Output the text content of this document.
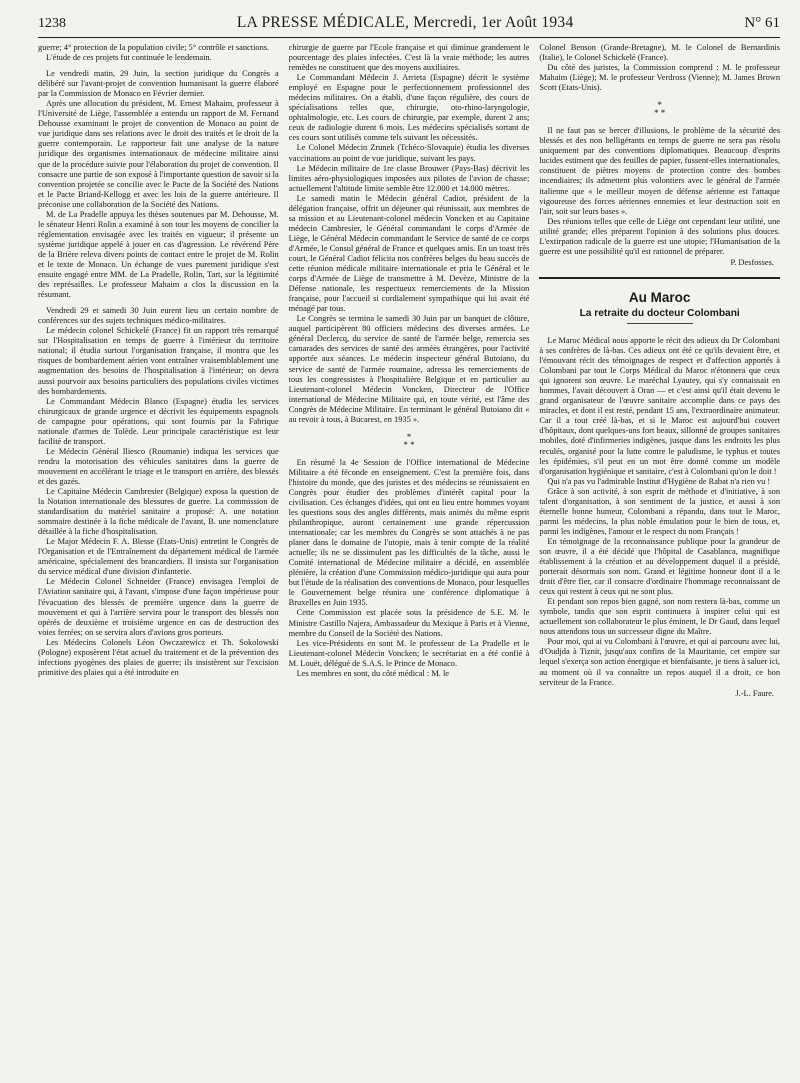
1238	LA PRESSE MÉDICALE, Mercredi, 1er Août 1934	N° 61

guerre; 4° protection de la population civile; 5° contrôle et sanctions.

L'étude de ces projets fut continuée le lendemain.

Le vendredi matin, 29 Juin, la section juridique du Congrès a délibéré sur l'avant-projet de convention humanisant la guerre élaboré par la Commission de Monaco en Février dernier.

Après une allocution du président, M. Ernest Mahaim, professeur à l'Université de Liège, l'assemblée a entendu un rapport de M. Fernand Dehousse examinant le projet de convention de Monaco au point de vue juridique dans ses relations avec le droit des traités et le droit de la guerre contemporain. Le rapporteur fait une analyse de la nature juridique des organismes internationaux de médecine militaire ainsi que de la procédure suivie pour l'élaboration du projet de convention. Il consacre une partie de son exposé à l'importante question de savoir si la convention projetée se concilie avec le Pacte de la Société des Nations et le Pacte Briand-Kellogg et avec les lois de la guerre antérieure. Il préconise une collaboration de la Société des Nations.

M. de La Pradelle appuya les thèses soutenues par M. Dehousse, M. le sénateur Henri Rolin a examiné à son tour les moyens de concilier la réglementation envisagée avec les traités en vigueur; il présente un système juridique appelé à jouer en cas d'agression. Le révérend Père de la Brière releva divers points de contact entre le projet de M. Rolin et le texte de Monaco. Un échange de vues purement juridique s'est ensuite engagé entre MM. de La Pradelle, Rolin, Tart, sur la légitimité des représailles. Le professeur Mahaim a clos la discussion en la résumant.

Vendredi 29 et samedi 30 Juin eurent lieu un certain nombre de conférences sur des sujets techniques médico-militaires.

Le médecin colonel Schickelé (France) fit un rapport très remarqué sur l'Hospitalisation en temps de guerre à l'intérieur du territoire national; il étudia surtout l'organisation française, il montra que les risques de bombardement aérien vont entraîner vraisemblablement une augmentation des besoins de l'hospitalisation à l'intérieur; on devra aussi pourvoir aux besoins particuliers des populations civiles victimes des bombardements.

Le Commandant Médecin Blanco (Espagne) étudia les services chirurgicaux de grande urgence et décrivit les équipements espagnols de campagne pour opérations, qui sont fournis par la Fabrique nationale d'armes de Tolède. Leur principale caractéristique est leur facilité de transport.

Le Médecin Général Iliesco (Roumanie) indiqua les services que rendra la motorisation des véhicules sanitaires dans la guerre de mouvement en accélérant le triage et le transport en arrière, des blessés et des gazés.

Le Capitaine Médecin Cambresier (Belgique) exposa la question de la Notation internationale des blessures de guerre. La commission de standardisation du matériel sanitaire a proposé: A. une notation sommaire destinée à la fiche médicale de l'avant, B. une nomenclature détaillée à la fiche d'hospitalisation.

Le Major Médecin F. A. Blesse (Etats-Unis) entretint le Congrès de l'Organisation et de l'Entraînement du département médical de l'armée américaine, spécialement des brancardiers. Il insista sur l'organisation du service médical d'une division d'infanterie.

Le Médecin Colonel Schneider (France) envisagea l'emploi de l'Aviation sanitaire qui, à l'avant, s'impose d'une façon impérieuse pour l'évacuation des blessés de première urgence dans la guerre de mouvement et qui à l'arrière servira pour le transport des blessés non opérés de deuxième et troisième urgence en cas de destruction des voies ferrées; on se servira alors d'avions gros porteurs.

Les Médecins Colonels Léon Owczarewicz et Th. Sokolowski (Pologne) exposèrent l'état actuel du traitement et de la prévention des infections pyogènes des plaies de guerre; ils insistèrent sur l'excision primitive des plaies qui a été introduite en

chirurgie de guerre par l'Ecole française et qui diminue grandement le pourcentage des plaies infectées. C'est là la vraie méthode; les autres remèdes ne constituent que des moyens auxiliaires.

Le Commandant Médecin J. Arrieta (Espagne) décrit le système employé en Espagne pour le perfectionnement professionnel des médecins militaires. On a établi, d'une façon régulière, des cours de spécialisations telles que, chirurgie, oto-rhino-laryngologie, ophtalmologie, etc. Les cours de chirurgie, par exemple, durent 2 ans; ceux de radiologie durent 6 mois. Les médecins spécialisés sortant de ces cours sont utilisés comme tels suivant les nécessités.

Le Colonel Médecin Zrunek (Tchéco-Slovaquie) étudia les diverses vaccinations au point de vue juridique, suivant les pays.

Le Médecin militaire de 1re classe Brouwer (Pays-Bas) décrivit les limites aéro-physiologiques imposées aux pilotes de l'avion de chasse; actuellement l'altitude limite semble être 12.000 et 14.000 mètres.

Le samedi matin le Médecin général Cadiot, président de la délégation française, offrit un déjeuner qui réunissait, aux membres de sa mission et au Lieutenant-colonel médecin Voncken et au Capitaine médecin Cambresier, le Général commandant le corps d'Armée de Liège, le Général Médecin commandant le Service de santé de ce corps d'Armée, le Consul général de France et quelques amis. En un toast très court, le Général Cadiot félicita nos confrères belges du beau succès de cette réunion médicale militaire internationale et pria le Général et le corps d'Armée de Liège de transmettre à M. Devèze, Ministre de la Défense nationale, les respectueux remerciements de la Mission française, pour l'accueil si cordialement sympathique qui lui avait été ménagé par tous.

Le Congrès se termina le samedi 30 Juin par un banquet de clôture, auquel participèrent 80 officiers médecins des diverses armées. Le général Declercq, du service de santé de l'armée belge, remercia ses camarades des services de santé des armées étrangères, pour l'activité apportée aux séances. Le médecin inspecteur général Butoiano, du service de santé de l'armée roumaine, adressa les remerciements de tous les congressistes à l'hospitalière Belgique et en particulier au Lieutenant-colonel Médecin Voncken, Directeur de l'Office international de Médecine Militaire qui, en toute vérité, est l'âme des Congrès de Médecine Militaire. En terminant le général Butoiano dit « au revoir à tous, à Bucarest, en 1935 ».

*
* *

En résumé la 4e Session de l'Office international de Médecine Militaire a été féconde en enseignement. C'est la première fois, dans l'histoire du monde, que des juristes et des médecins se réunissaient en Congrès pour étudier des problèmes d'intérêt capital pour la civilisation. Ces échanges d'idées, qui ont eu lieu entre hommes voyant les questions sous des angles différents, mais animés du même esprit philanthropique, auront certainement une grande répercussion internationale; car les membres du Congrès se sont attachés à ne pas planer dans le domaine de l'utopie, mais à tenir compte de la réalité actuelle; ils ne se dissimulent pas les difficultés de la tâche, aussi le Comité international de Médecine militaire a décidé, en assemblée plénière, la création d'une Commission médico-juridique qui aura pour but l'étude de la réalisation des conventions de Monaco, pour lesquelles le Gouvernement belge réunira une conférence diplomatique à Bruxelles en Juin 1935.

Cette Commission est placée sous la présidence de S.E. M. le Ministre Castillo Najera, Ambassadeur du Mexique à Paris et à Vienne, membre du Conseil de la Société des Nations.

Les vice-Présidents en sont M. le professeur de La Pradelle et le Lieutenant-colonel Médecin Voncken; le secrétariat en a été confié à M. Louët, délégué de S.A.S. le Prince de Monaco.

Les membres en sont, du côté médical : M. le

Colonel Benson (Grande-Bretagne), M. le Colonel de Bernardinis (Italie), le Colonel Schickelé (France).

Du côté des juristes, la Commission comprend : M. le professeur Mahaim (Liège); M. le professeur Verdross (Vienne); M. James Brown Scott (Etats-Unis).

*
* *

Il ne faut pas se bercer d'illusions, le problème de la sécurité des blessés et des non belligérants en temps de guerre ne sera pas résolu uniquement par des conventions diplomatiques. Beaucoup d'esprits lucides estiment que des feuilles de papier, fussent-elles internationales, constituent de piètres moyens de protection contre des bombes incendiaires; ils admettent plus volontiers avec le général de l'armée italienne que « le meilleur moyen de défense aérienne est l'attaque vigoureuse des forces aériennes ennemies et leur destruction soit en l'air, soit sur leurs bases ».

Des réunions telles que celle de Liège ont cependant leur utilité, une utilité grande; elles préparent l'opinion à des solutions plus douces. L'extirpation radicale de la guerre est une utopie; l'Humanisation de la guerre est une possibilité qu'il est rationnel de préparer.

P. Desfosses.
Au Maroc
La retraite du docteur Colombani

Le Maroc Médical nous apporte le récit des adieux du Dr Colombani à ses confrères de là-bas. Ces adieux ont été ce qu'ils devaient être, et l'émouvant récit des témoignages de respect et d'affection apportés à Colombani par tout le Corps Médical du Maroc n'étonnera que ceux qui ignorent son œuvre. Le maréchal Lyautey, qui s'y connaissait en hommes, l'avait découvert à Oran — et c'est ainsi qu'il était devenu le grand organisateur de l'œuvre sanitaire accomplie dans ce pays des miracles, et dont il est resté, pendant 15 ans, l'extraordinaire animateur. Car il a tout créé là-bas, et si le Maroc est aujourd'hui couvert d'hôpitaux, dont quelques-uns fort beaux, sillonné de groupes sanitaires mobiles, doté d'infirmeries indigènes, jusque dans les endroits les plus reculés, organisé pour la lutte contre le paludisme, le typhus et toutes les épidémies, s'il peut en un mot être donné comme un modèle d'organisation hygiénique et sanitaire, c'est à Colombani qu'on le doit !

Qui n'a pas vu l'admirable Institut d'Hygiène de Rabat n'a rien vu !

Grâce à son activité, à son esprit de méthode et d'initiative, à son talent d'organisation, à son sentiment de la justice, et aussi à son éternelle bonne humeur, Colombani a répandu, dans tout le Maroc, parmi les médecins, la plus noble émulation pour le bien de tous, et, parmi les indigènes, l'amour et le respect du nom Français !

En témoignage de la reconnaissance publique pour la grandeur de son œuvre, il a été décidé que l'hôpital de Casablanca, magnifique établissement à la création et au développement duquel il a présidé, porterait désormais son nom. Grand et légitime honneur dont il a le droit d'être fier, car il consacre d'ordinaire l'hommage reconnaissant de ceux qui restent à ceux qui ne sont plus.

Et pendant son repos bien gagné, son nom restera là-bas, comme un symbole, tandis que son esprit continuera à inspirer celui qui est actuellement son collaborateur le plus éminent, le Dr Gaud, dans lequel nous attendons tous un successeur digne du Maître.

Pour moi, qui ai vu Colombani à l'œuvre, et qui ai parcouru avec lui, d'Oudjda à Tiznit, jusqu'aux confins de la Mauritanie, cet empire sur lequel s'exerça son action énergique et bienfaisante, je tiens à saluer ici, au moment où il va connaître un repos auquel il a droit, ce bon serviteur de la France.

J.-L. Faure.
